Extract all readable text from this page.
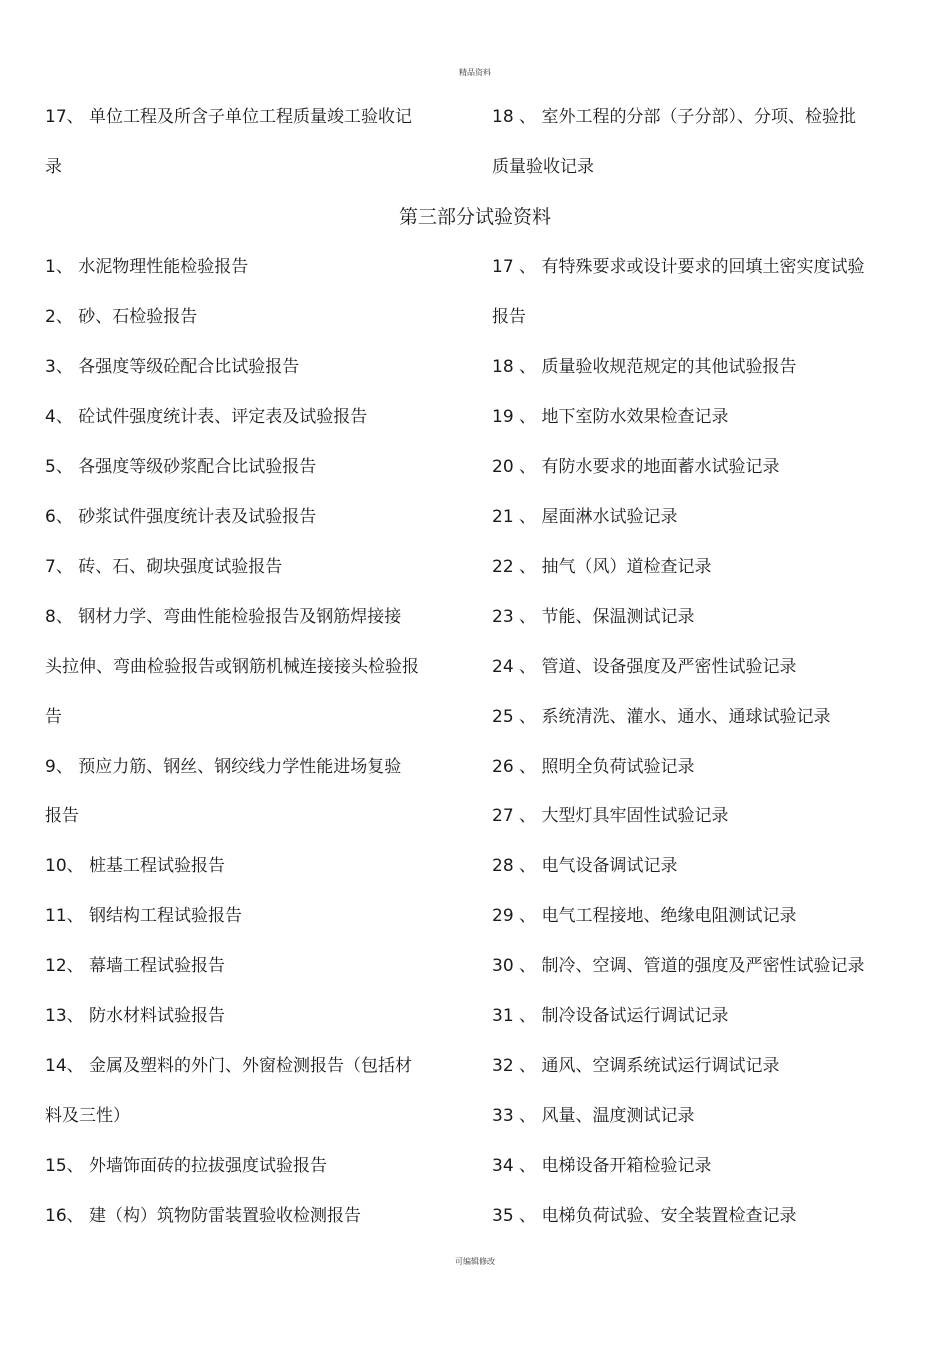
精品资料
17、 单位工程及所含子单位工程质量竣工验收记
录
18 、 室外工程的分部（子分部）、分项、检验批
质量验收记录
第三部分试验资料
1、 水泥物理性能检验报告
2、 砂、石检验报告
3、 各强度等级砼配合比试验报告
4、 砼试件强度统计表、评定表及试验报告
5、 各强度等级砂浆配合比试验报告
6、 砂浆试件强度统计表及试验报告
7、 砖、石、砌块强度试验报告
8、 钢材力学、弯曲性能检验报告及钢筋焊接接
头拉伸、弯曲检验报告或钢筋机械连接接头检验报
告
9、 预应力筋、钢丝、钢绞线力学性能进场复验
报告
10、 桩基工程试验报告
11、 钢结构工程试验报告
12、 幕墙工程试验报告
13、 防水材料试验报告
14、 金属及塑料的外门、外窗检测报告（包括材
料及三性）
15、 外墙饰面砖的拉拔强度试验报告
16、 建（构）筑物防雷装置验收检测报告
17 、 有特殊要求或设计要求的回填土密实度试验
报告
18 、 质量验收规范规定的其他试验报告
19 、 地下室防水效果检查记录
20 、 有防水要求的地面蓄水试验记录
21 、 屋面淋水试验记录
22 、 抽气（风）道检查记录
23 、 节能、保温测试记录
24 、 管道、设备强度及严密性试验记录
25 、 系统清洗、灌水、通水、通球试验记录
26 、 照明全负荷试验记录
27 、 大型灯具牢固性试验记录
28 、 电气设备调试记录
29 、 电气工程接地、绝缘电阻测试记录
30 、 制冷、空调、管道的强度及严密性试验记录
31 、 制冷设备试运行调试记录
32 、 通风、空调系统试运行调试记录
33 、 风量、温度测试记录
34 、 电梯设备开箱检验记录
35 、 电梯负荷试验、安全装置检查记录
可编辑修改
